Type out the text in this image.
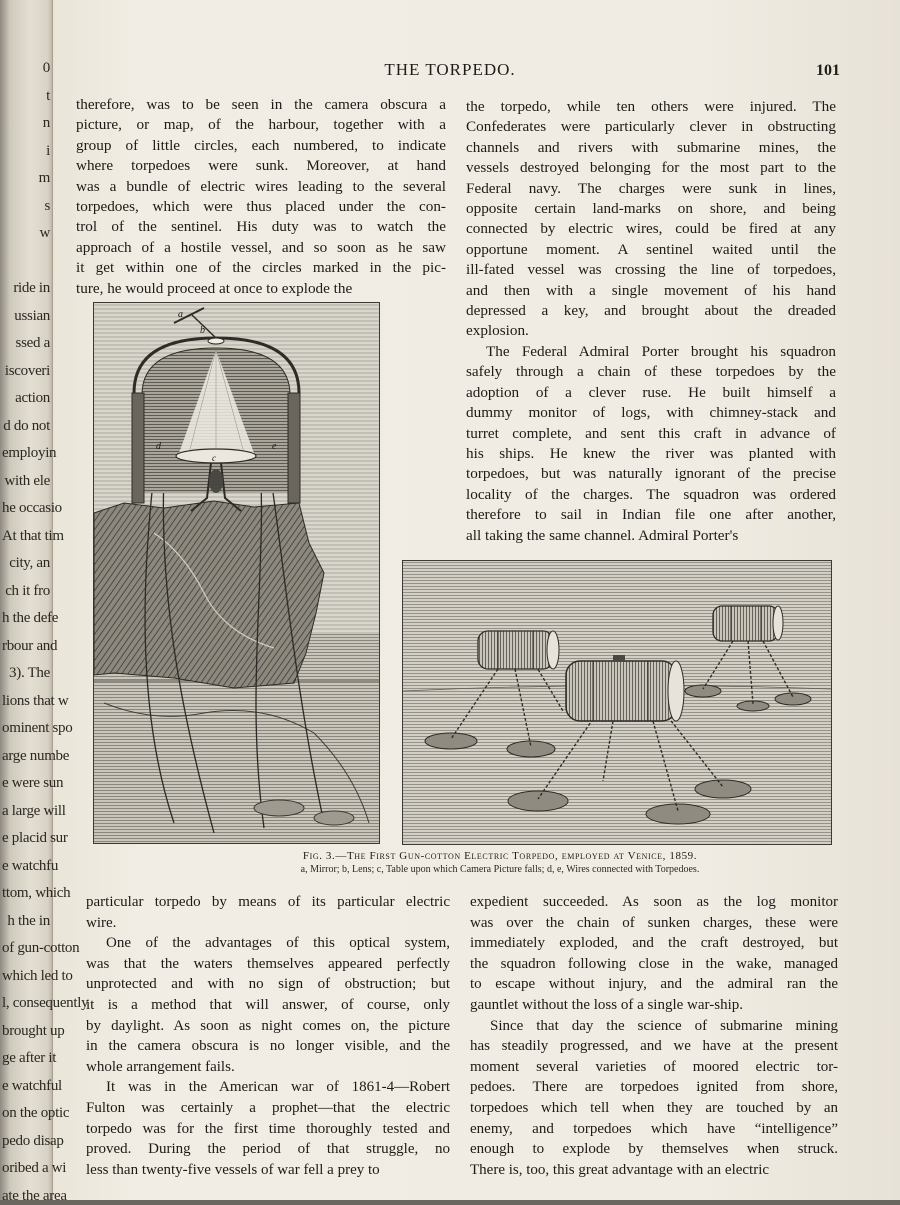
0
t
n
i
m
s
w
ride in
ussian
ssed a
iscoveri
action
d do not
employin
with ele
he occasio
At that tim
city, an
ch it fro
h the defe
rbour and
3). The
lions that w
ominent spo
arge numbe
e were sun
a large will
e placid sur
e watchfu
ttom, which
h the in
of gun-cotton
which led to
l, consequently
brought up
ge after it
e watchful
on the optic
pedo disap
oribed a wi
ate the area
THE TORPEDO.	101
therefore, was to be seen in the camera obscura a
picture, or map, of the harbour, together with a
group of little circles, each numbered, to indicate
where torpedoes were sunk. Moreover, at hand
was a bundle of electric wires leading to the several
torpedoes, which were thus placed under the con-
trol of the sentinel. His duty was to watch the
approach of a hostile vessel, and so soon as he saw
it get within one of the circles marked in the pic-
ture, he would proceed at once to explode the
the torpedo, while ten others were injured. The
Confederates were particularly clever in obstructing
channels and rivers with submarine mines, the
vessels destroyed belonging for the most part to the
Federal navy. The charges were sunk in lines,
opposite certain land-marks on shore, and being
connected by electric wires, could be fired at any
opportune moment. A sentinel waited until the
ill-fated vessel was crossing the line of torpedoes,
and then with a single movement of his hand
depressed a key, and brought about the dreaded
explosion.
The Federal Admiral Porter brought his squadron
safely through a chain of these torpedoes by the
adoption of a clever ruse. He built himself a
dummy monitor of logs, with chimney-stack and
turret complete, and sent this craft in advance of
his ships. He knew the river was planted with
torpedoes, but was naturally ignorant of the precise
locality of the charges. The squadron was ordered
therefore to sail in Indian file one after another,
all taking the same channel. Admiral Porter's
a
b
c
d	e
Fig. 3.—The First Gun-cotton Electric Torpedo, employed at Venice, 1859.
a, Mirror; b, Lens; c, Table upon which Camera Picture falls; d, e, Wires connected with Torpedoes.
particular torpedo by means of its particular electric
wire.
One of the advantages of this optical system,
was that the waters themselves appeared perfectly
unprotected and with no sign of obstruction; but
it is a method that will answer, of course, only
by daylight. As soon as night comes on, the picture
in the camera obscura is no longer visible, and the
whole arrangement fails.
It was in the American war of 1861-4—Robert
Fulton was certainly a prophet—that the electric
torpedo was for the first time thoroughly tested and
proved. During the period of that struggle, no
less than twenty-five vessels of war fell a prey to
expedient succeeded. As soon as the log monitor
was over the chain of sunken charges, these were
immediately exploded, and the craft destroyed, but
the squadron following close in the wake, managed
to escape without injury, and the admiral ran the
gauntlet without the loss of a single war-ship.
Since that day the science of submarine mining
has steadily progressed, and we have at the present
moment several varieties of moored electric tor-
pedoes. There are torpedoes ignited from shore,
torpedoes which tell when they are touched by an
enemy, and torpedoes which have “intelligence”
enough to explode by themselves when struck.
There is, too, this great advantage with an electric
